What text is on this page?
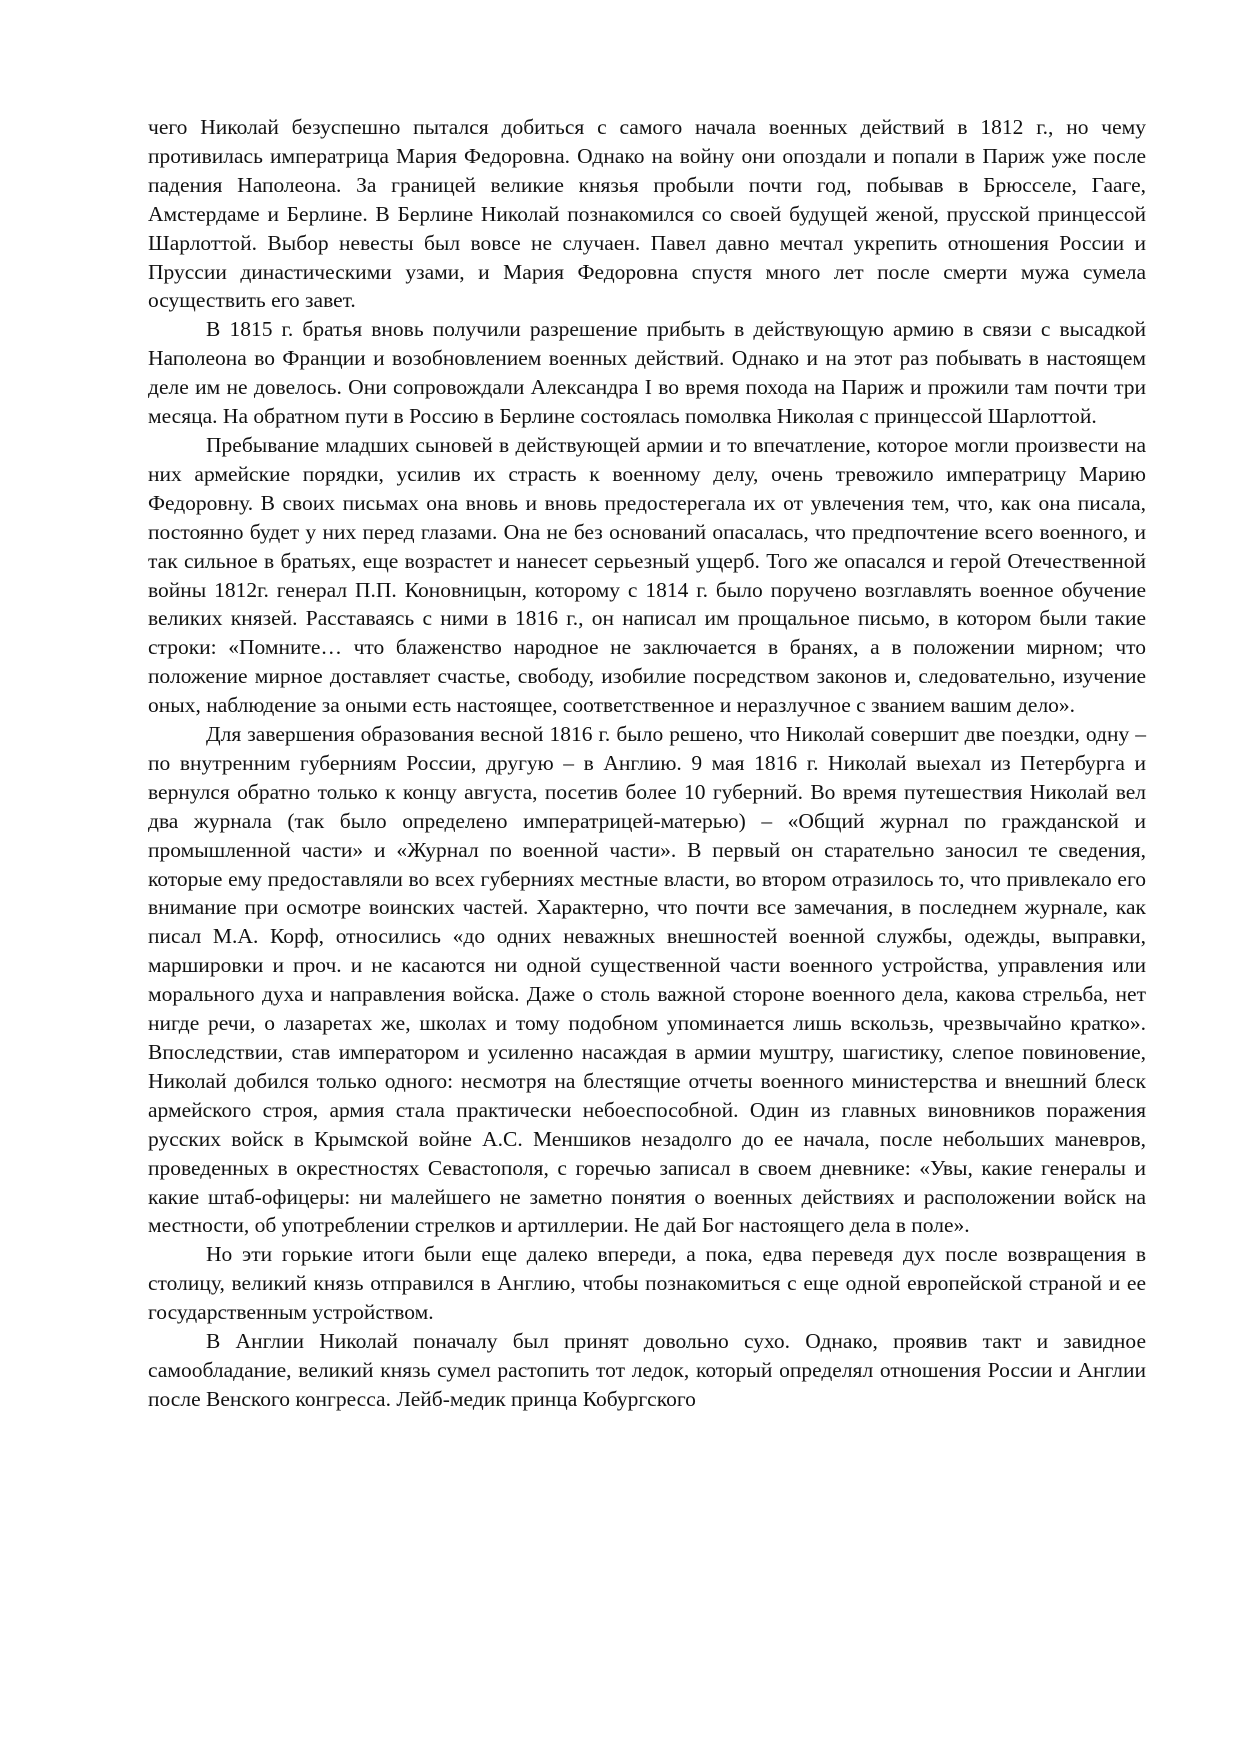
чего Николай безуспешно пытался добиться с самого начала военных действий в 1812 г., но чему противилась императрица Мария Федоровна. Однако на войну они опоздали и попали в Париж уже после падения Наполеона. За границей великие князья пробыли почти год, побывав в Брюсселе, Гааге, Амстердаме и Берлине. В Берлине Николай познакомился со своей будущей женой, прусской принцессой Шарлоттой. Выбор невесты был вовсе не случаен. Павел давно мечтал укрепить отношения России и Пруссии династическими узами, и Мария Федоровна спустя много лет после смерти мужа сумела осуществить его завет.

В 1815 г. братья вновь получили разрешение прибыть в действующую армию в связи с высадкой Наполеона во Франции и возобновлением военных действий. Однако и на этот раз побывать в настоящем деле им не довелось. Они сопровождали Александра I во время похода на Париж и прожили там почти три месяца. На обратном пути в Россию в Берлине состоялась помолвка Николая с принцессой Шарлоттой.

Пребывание младших сыновей в действующей армии и то впечатление, которое могли произвести на них армейские порядки, усилив их страсть к военному делу, очень тревожило императрицу Марию Федоровну. В своих письмах она вновь и вновь предостерегала их от увлечения тем, что, как она писала, постоянно будет у них перед глазами. Она не без оснований опасалась, что предпочтение всего военного, и так сильное в братьях, еще возрастет и нанесет серьезный ущерб. Того же опасался и герой Отечественной войны 1812г. генерал П.П. Коновницын, которому с 1814 г. было поручено возглавлять военное обучение великих князей. Расставаясь с ними в 1816 г., он написал им прощальное письмо, в котором были такие строки: «Помните… что блаженство народное не заключается в бранях, а в положении мирном; что положение мирное доставляет счастье, свободу, изобилие посредством законов и, следовательно, изучение оных, наблюдение за оными есть настоящее, соответственное и неразлучное с званием вашим дело».

Для завершения образования весной 1816 г. было решено, что Николай совершит две поездки, одну – по внутренним губерниям России, другую – в Англию. 9 мая 1816 г. Николай выехал из Петербурга и вернулся обратно только к концу августа, посетив более 10 губерний. Во время путешествия Николай вел два журнала (так было определено императрицей-матерью) – «Общий журнал по гражданской и промышленной части» и «Журнал по военной части». В первый он старательно заносил те сведения, которые ему предоставляли во всех губерниях местные власти, во втором отразилось то, что привлекало его внимание при осмотре воинских частей. Характерно, что почти все замечания, в последнем журнале, как писал М.А. Корф, относились «до одних неважных внешностей военной службы, одежды, выправки, маршировки и проч. и не касаются ни одной существенной части военного устройства, управления или морального духа и направления войска. Даже о столь важной стороне военного дела, какова стрельба, нет нигде речи, о лазаретах же, школах и тому подобном упоминается лишь вскользь, чрезвычайно кратко». Впоследствии, став императором и усиленно насаждая в армии муштру, шагистику, слепое повиновение, Николай добился только одного: несмотря на блестящие отчеты военного министерства и внешний блеск армейского строя, армия стала практически небоеспособной. Один из главных виновников поражения русских войск в Крымской войне А.С. Меншиков незадолго до ее начала, после небольших маневров, проведенных в окрестностях Севастополя, с горечью записал в своем дневнике: «Увы, какие генералы и какие штаб-офицеры: ни малейшего не заметно понятия о военных действиях и расположении войск на местности, об употреблении стрелков и артиллерии. Не дай Бог настоящего дела в поле».

Но эти горькие итоги были еще далеко впереди, а пока, едва переведя дух после возвращения в столицу, великий князь отправился в Англию, чтобы познакомиться с еще одной европейской страной и ее государственным устройством.

В Англии Николай поначалу был принят довольно сухо. Однако, проявив такт и завидное самообладание, великий князь сумел растопить тот ледок, который определял отношения России и Англии после Венского конгресса. Лейб-медик принца Кобургского
